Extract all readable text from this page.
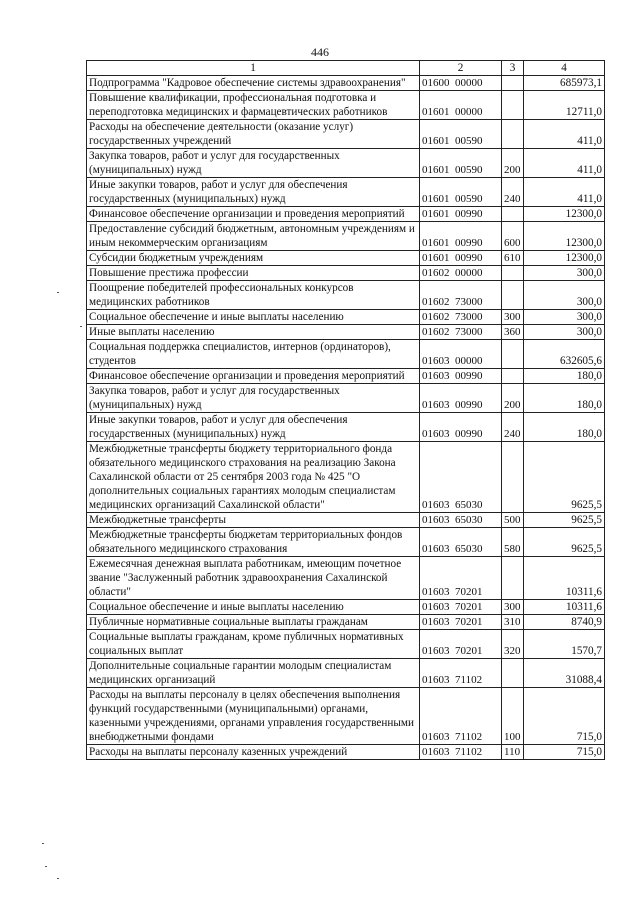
446
1	2	3	4
Подпрограмма "Кадровое обеспечение системы здравоохранения"	01600  00000		685973,1
Повышение квалификации, профессиональная подготовка и переподготовка медицинских и фармацевтических работников	01601  00000		12711,0
Расходы на обеспечение деятельности (оказание услуг) государственных учреждений	01601  00590		411,0
Закупка товаров, работ и услуг для государственных (муниципальных) нужд	01601  00590	200	411,0
Иные закупки товаров, работ и услуг для обеспечения государственных (муниципальных) нужд	01601  00590	240	411,0
Финансовое обеспечение организации и проведения мероприятий	01601  00990		12300,0
Предоставление субсидий бюджетным, автономным учреждениям и иным некоммерческим организациям	01601  00990	600	12300,0
Субсидии бюджетным учреждениям	01601  00990	610	12300,0
Повышение престижа профессии	01602  00000		300,0
Поощрение победителей профессиональных конкурсов медицинских работников	01602  73000		300,0
Социальное обеспечение и иные выплаты населению	01602  73000	300	300,0
Иные выплаты населению	01602  73000	360	300,0
Социальная поддержка специалистов, интернов (ординаторов), студентов	01603  00000		632605,6
Финансовое обеспечение организации и проведения мероприятий	01603  00990		180,0
Закупка товаров, работ и услуг для государственных (муниципальных) нужд	01603  00990	200	180,0
Иные закупки товаров, работ и услуг для обеспечения государственных (муниципальных) нужд	01603  00990	240	180,0
Межбюджетные трансферты бюджету территориального фонда обязательного медицинского страхования на реализацию Закона Сахалинской области от 25 сентября 2003 года № 425 "О дополнительных социальных гарантиях молодым специалистам медицинских организаций Сахалинской области"	01603  65030		9625,5
Межбюджетные трансферты	01603  65030	500	9625,5
Межбюджетные трансферты бюджетам территориальных фондов обязательного медицинского страхования	01603  65030	580	9625,5
Ежемесячная денежная выплата работникам, имеющим почетное звание "Заслуженный работник здравоохранения Сахалинской области"	01603  70201		10311,6
Социальное обеспечение и иные выплаты населению	01603  70201	300	10311,6
Публичные нормативные социальные выплаты гражданам	01603  70201	310	8740,9
Социальные выплаты гражданам, кроме публичных нормативных социальных выплат	01603  70201	320	1570,7
Дополнительные социальные гарантии молодым специалистам медицинских организаций	01603  71102		31088,4
Расходы на выплаты персоналу в целях обеспечения выполнения функций государственными (муниципальными) органами, казенными учреждениями, органами управления государственными внебюджетными фондами	01603  71102	100	715,0
Расходы на выплаты персоналу казенных учреждений	01603  71102	110	715,0
